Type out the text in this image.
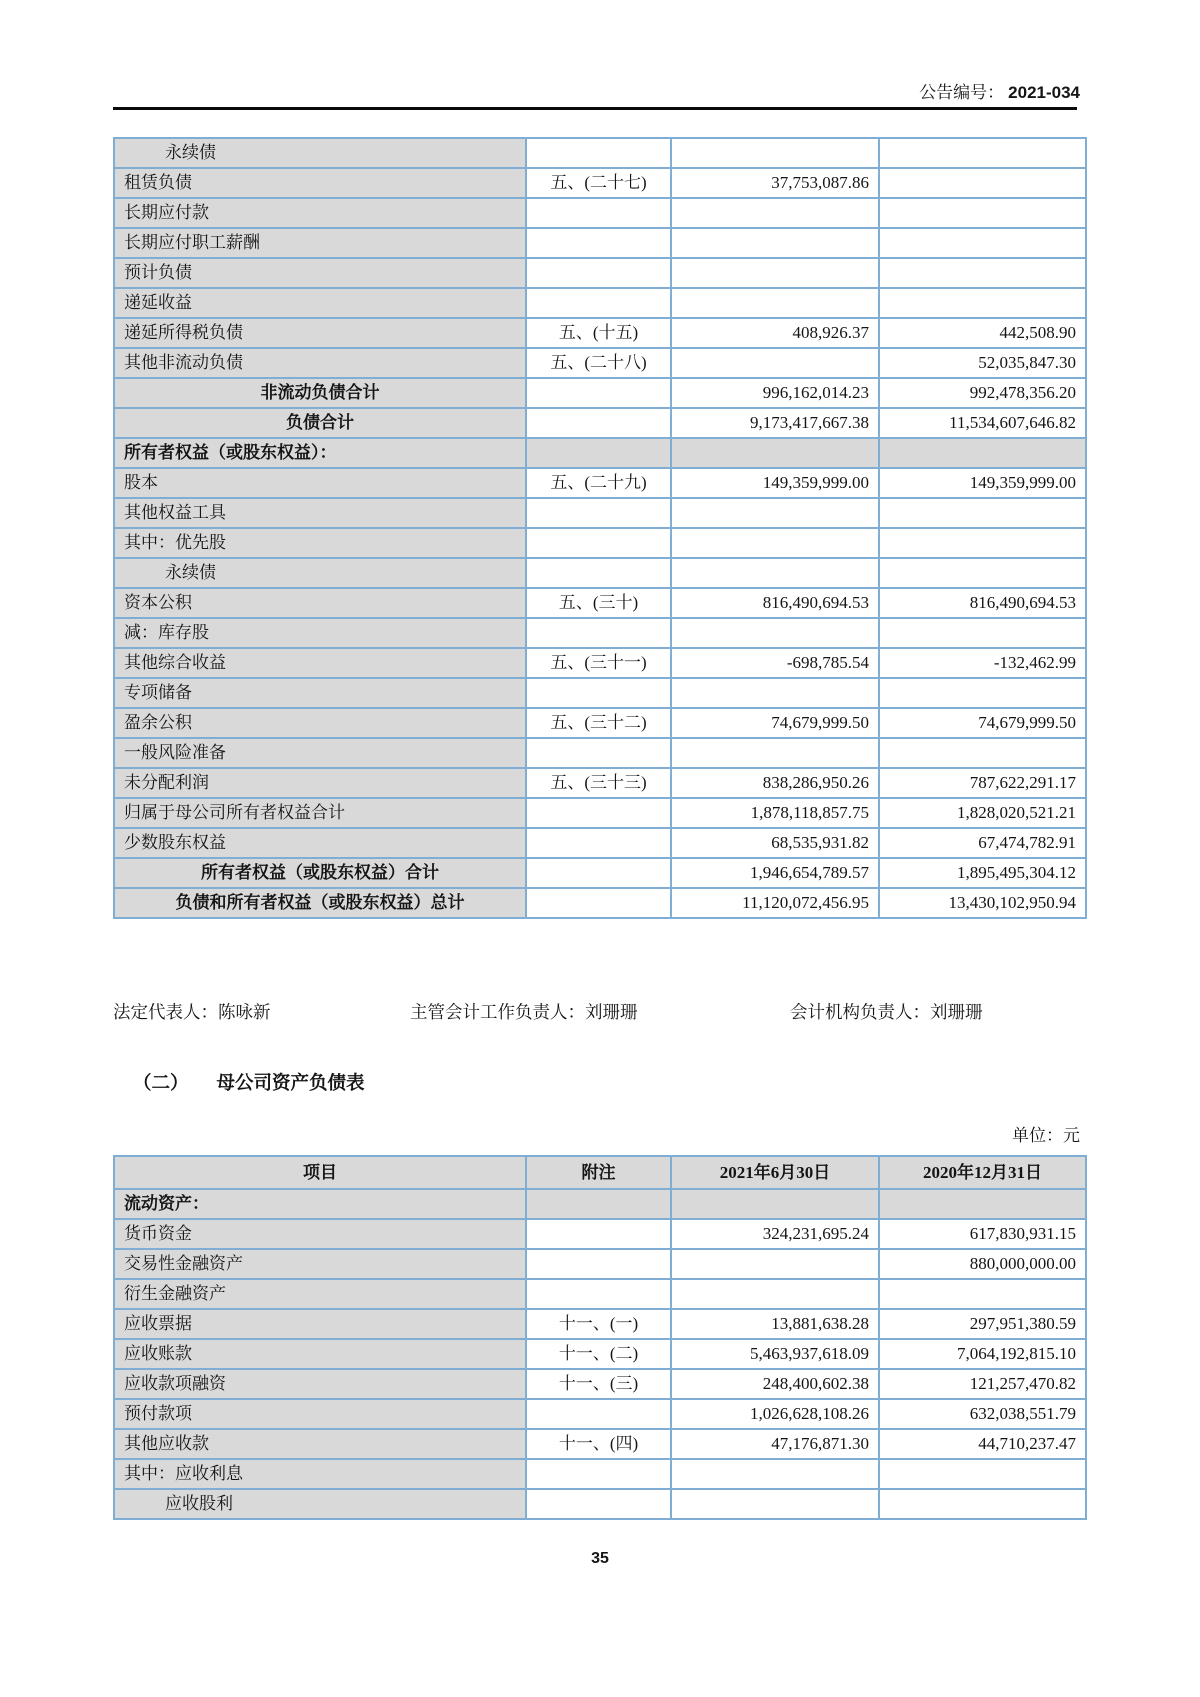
公告编号： 2021-034
永续债			
租赁负债	五、(二十七)	37,753,087.86	
长期应付款			
长期应付职工薪酬			
预计负债			
递延收益			
递延所得税负债	五、(十五)	408,926.37	442,508.90
其他非流动负债	五、(二十八)		52,035,847.30
非流动负债合计		996,162,014.23	992,478,356.20
负债合计		9,173,417,667.38	11,534,607,646.82
所有者权益（或股东权益）：			
股本	五、(二十九)	149,359,999.00	149,359,999.00
其他权益工具			
其中：优先股			
永续债			
资本公积	五、(三十)	816,490,694.53	816,490,694.53
减：库存股			
其他综合收益	五、(三十一)	-698,785.54	-132,462.99
专项储备			
盈余公积	五、(三十二)	74,679,999.50	74,679,999.50
一般风险准备			
未分配利润	五、(三十三)	838,286,950.26	787,622,291.17
归属于母公司所有者权益合计		1,878,118,857.75	1,828,020,521.21
少数股东权益		68,535,931.82	67,474,782.91
所有者权益（或股东权益）合计		1,946,654,789.57	1,895,495,304.12
负债和所有者权益（或股东权益）总计		11,120,072,456.95	13,430,102,950.94
法定代表人：陈咏新	主管会计工作负责人：刘珊珊	会计机构负责人：刘珊珊
（二） 母公司资产负债表
单位：元
项目	附注	2021年6月30日	2020年12月31日
流动资产：			
货币资金		324,231,695.24	617,830,931.15
交易性金融资产			880,000,000.00
衍生金融资产			
应收票据	十一、(一)	13,881,638.28	297,951,380.59
应收账款	十一、(二)	5,463,937,618.09	7,064,192,815.10
应收款项融资	十一、(三)	248,400,602.38	121,257,470.82
预付款项		1,026,628,108.26	632,038,551.79
其他应收款	十一、(四)	47,176,871.30	44,710,237.47
其中：应收利息			
应收股利			
35
